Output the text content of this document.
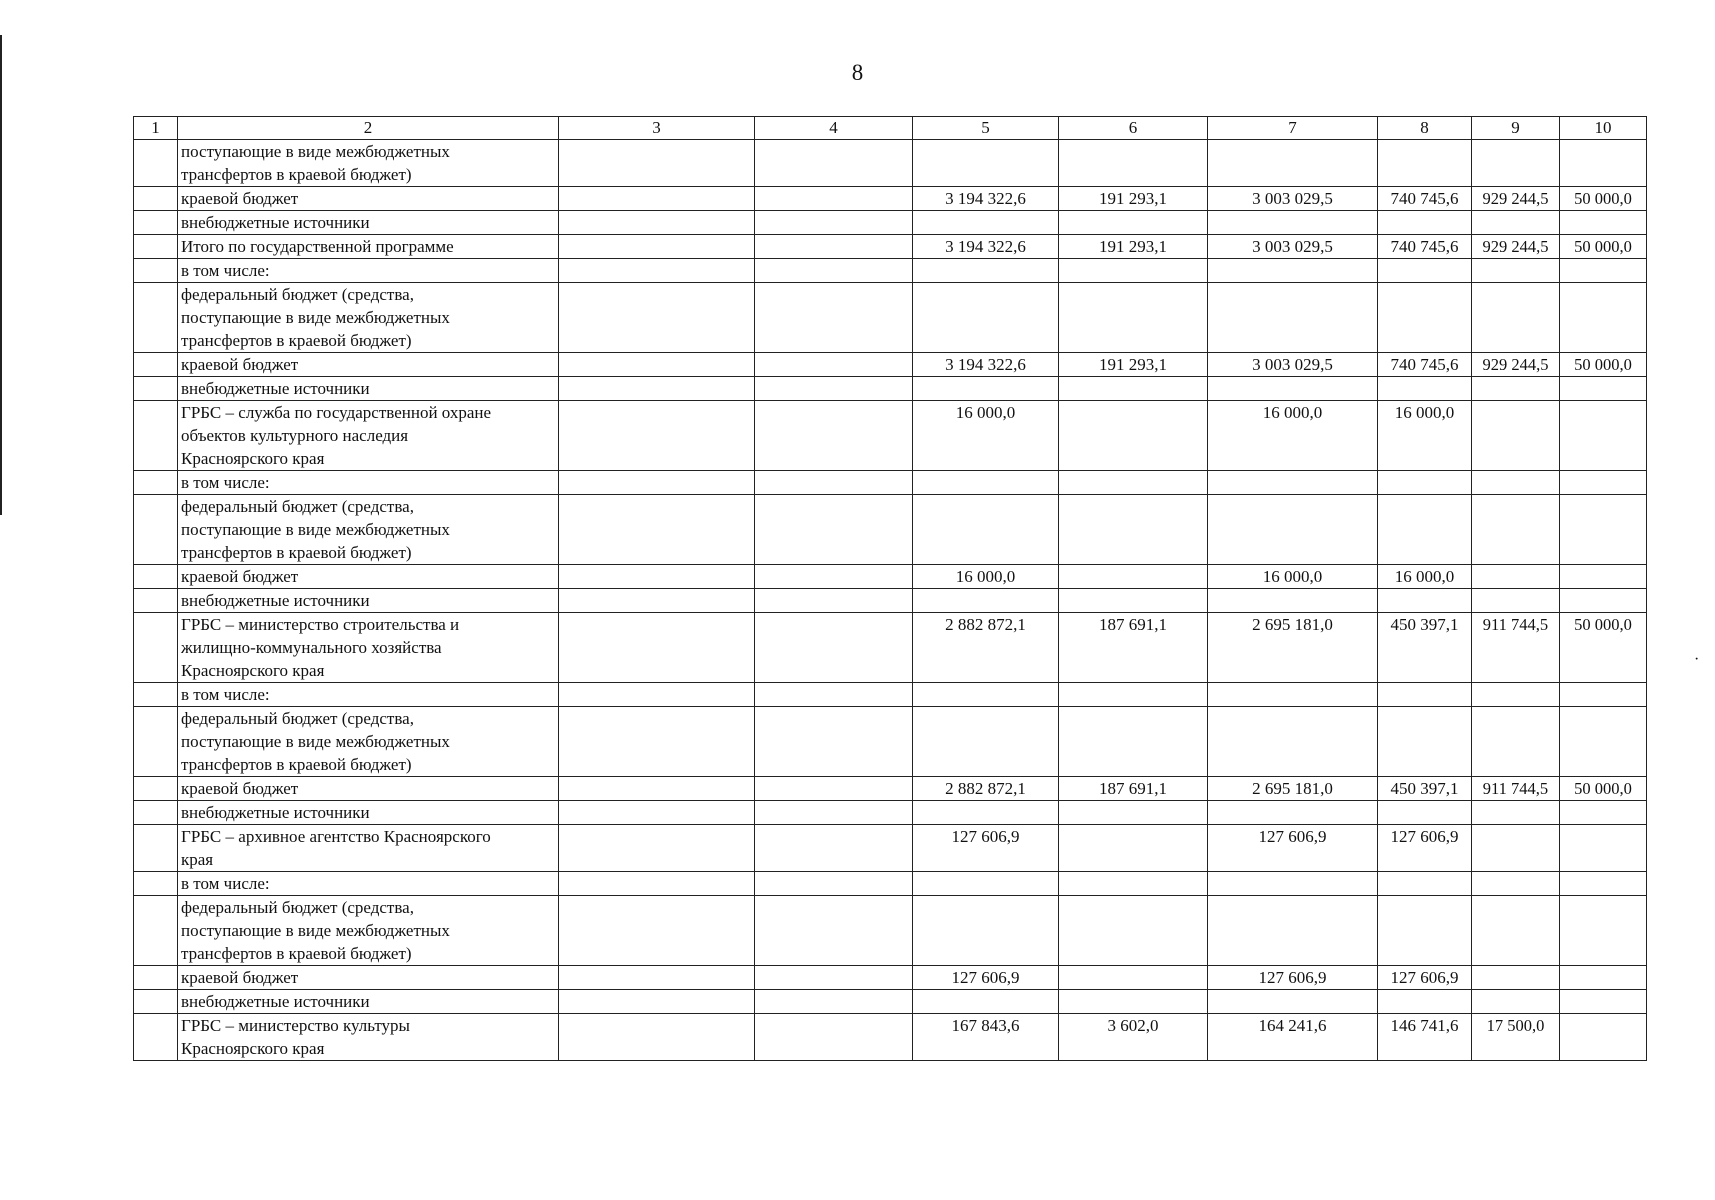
8
·
1	2	3	4	5	6	7	8	9	10
	поступающие в виде межбюджетных
трансфертов в краевой бюджет)								
	краевой бюджет			3 194 322,6	191 293,1	3 003 029,5	740 745,6	929 244,5	50 000,0
	внебюджетные источники								
	Итого по государственной программе			3 194 322,6	191 293,1	3 003 029,5	740 745,6	929 244,5	50 000,0
	в том числе:								
	федеральный бюджет (средства,
поступающие в виде межбюджетных
трансфертов в краевой бюджет)								
	краевой бюджет			3 194 322,6	191 293,1	3 003 029,5	740 745,6	929 244,5	50 000,0
	внебюджетные источники								
	ГРБС – служба по государственной охране
объектов культурного наследия
Красноярского края			16 000,0		16 000,0	16 000,0		
	в том числе:								
	федеральный бюджет (средства,
поступающие в виде межбюджетных
трансфертов в краевой бюджет)								
	краевой бюджет			16 000,0		16 000,0	16 000,0		
	внебюджетные источники								
	ГРБС – министерство строительства и
жилищно-коммунального хозяйства
Красноярского края			2 882 872,1	187 691,1	2 695 181,0	450 397,1	911 744,5	50 000,0
	в том числе:								
	федеральный бюджет (средства,
поступающие в виде межбюджетных
трансфертов в краевой бюджет)								
	краевой бюджет			2 882 872,1	187 691,1	2 695 181,0	450 397,1	911 744,5	50 000,0
	внебюджетные источники								
	ГРБС – архивное агентство Красноярского
края			127 606,9		127 606,9	127 606,9		
	в том числе:								
	федеральный бюджет (средства,
поступающие в виде межбюджетных
трансфертов в краевой бюджет)								
	краевой бюджет			127 606,9		127 606,9	127 606,9		
	внебюджетные источники								
	ГРБС – министерство культуры
Красноярского края			167 843,6	3 602,0	164 241,6	146 741,6	17 500,0	
